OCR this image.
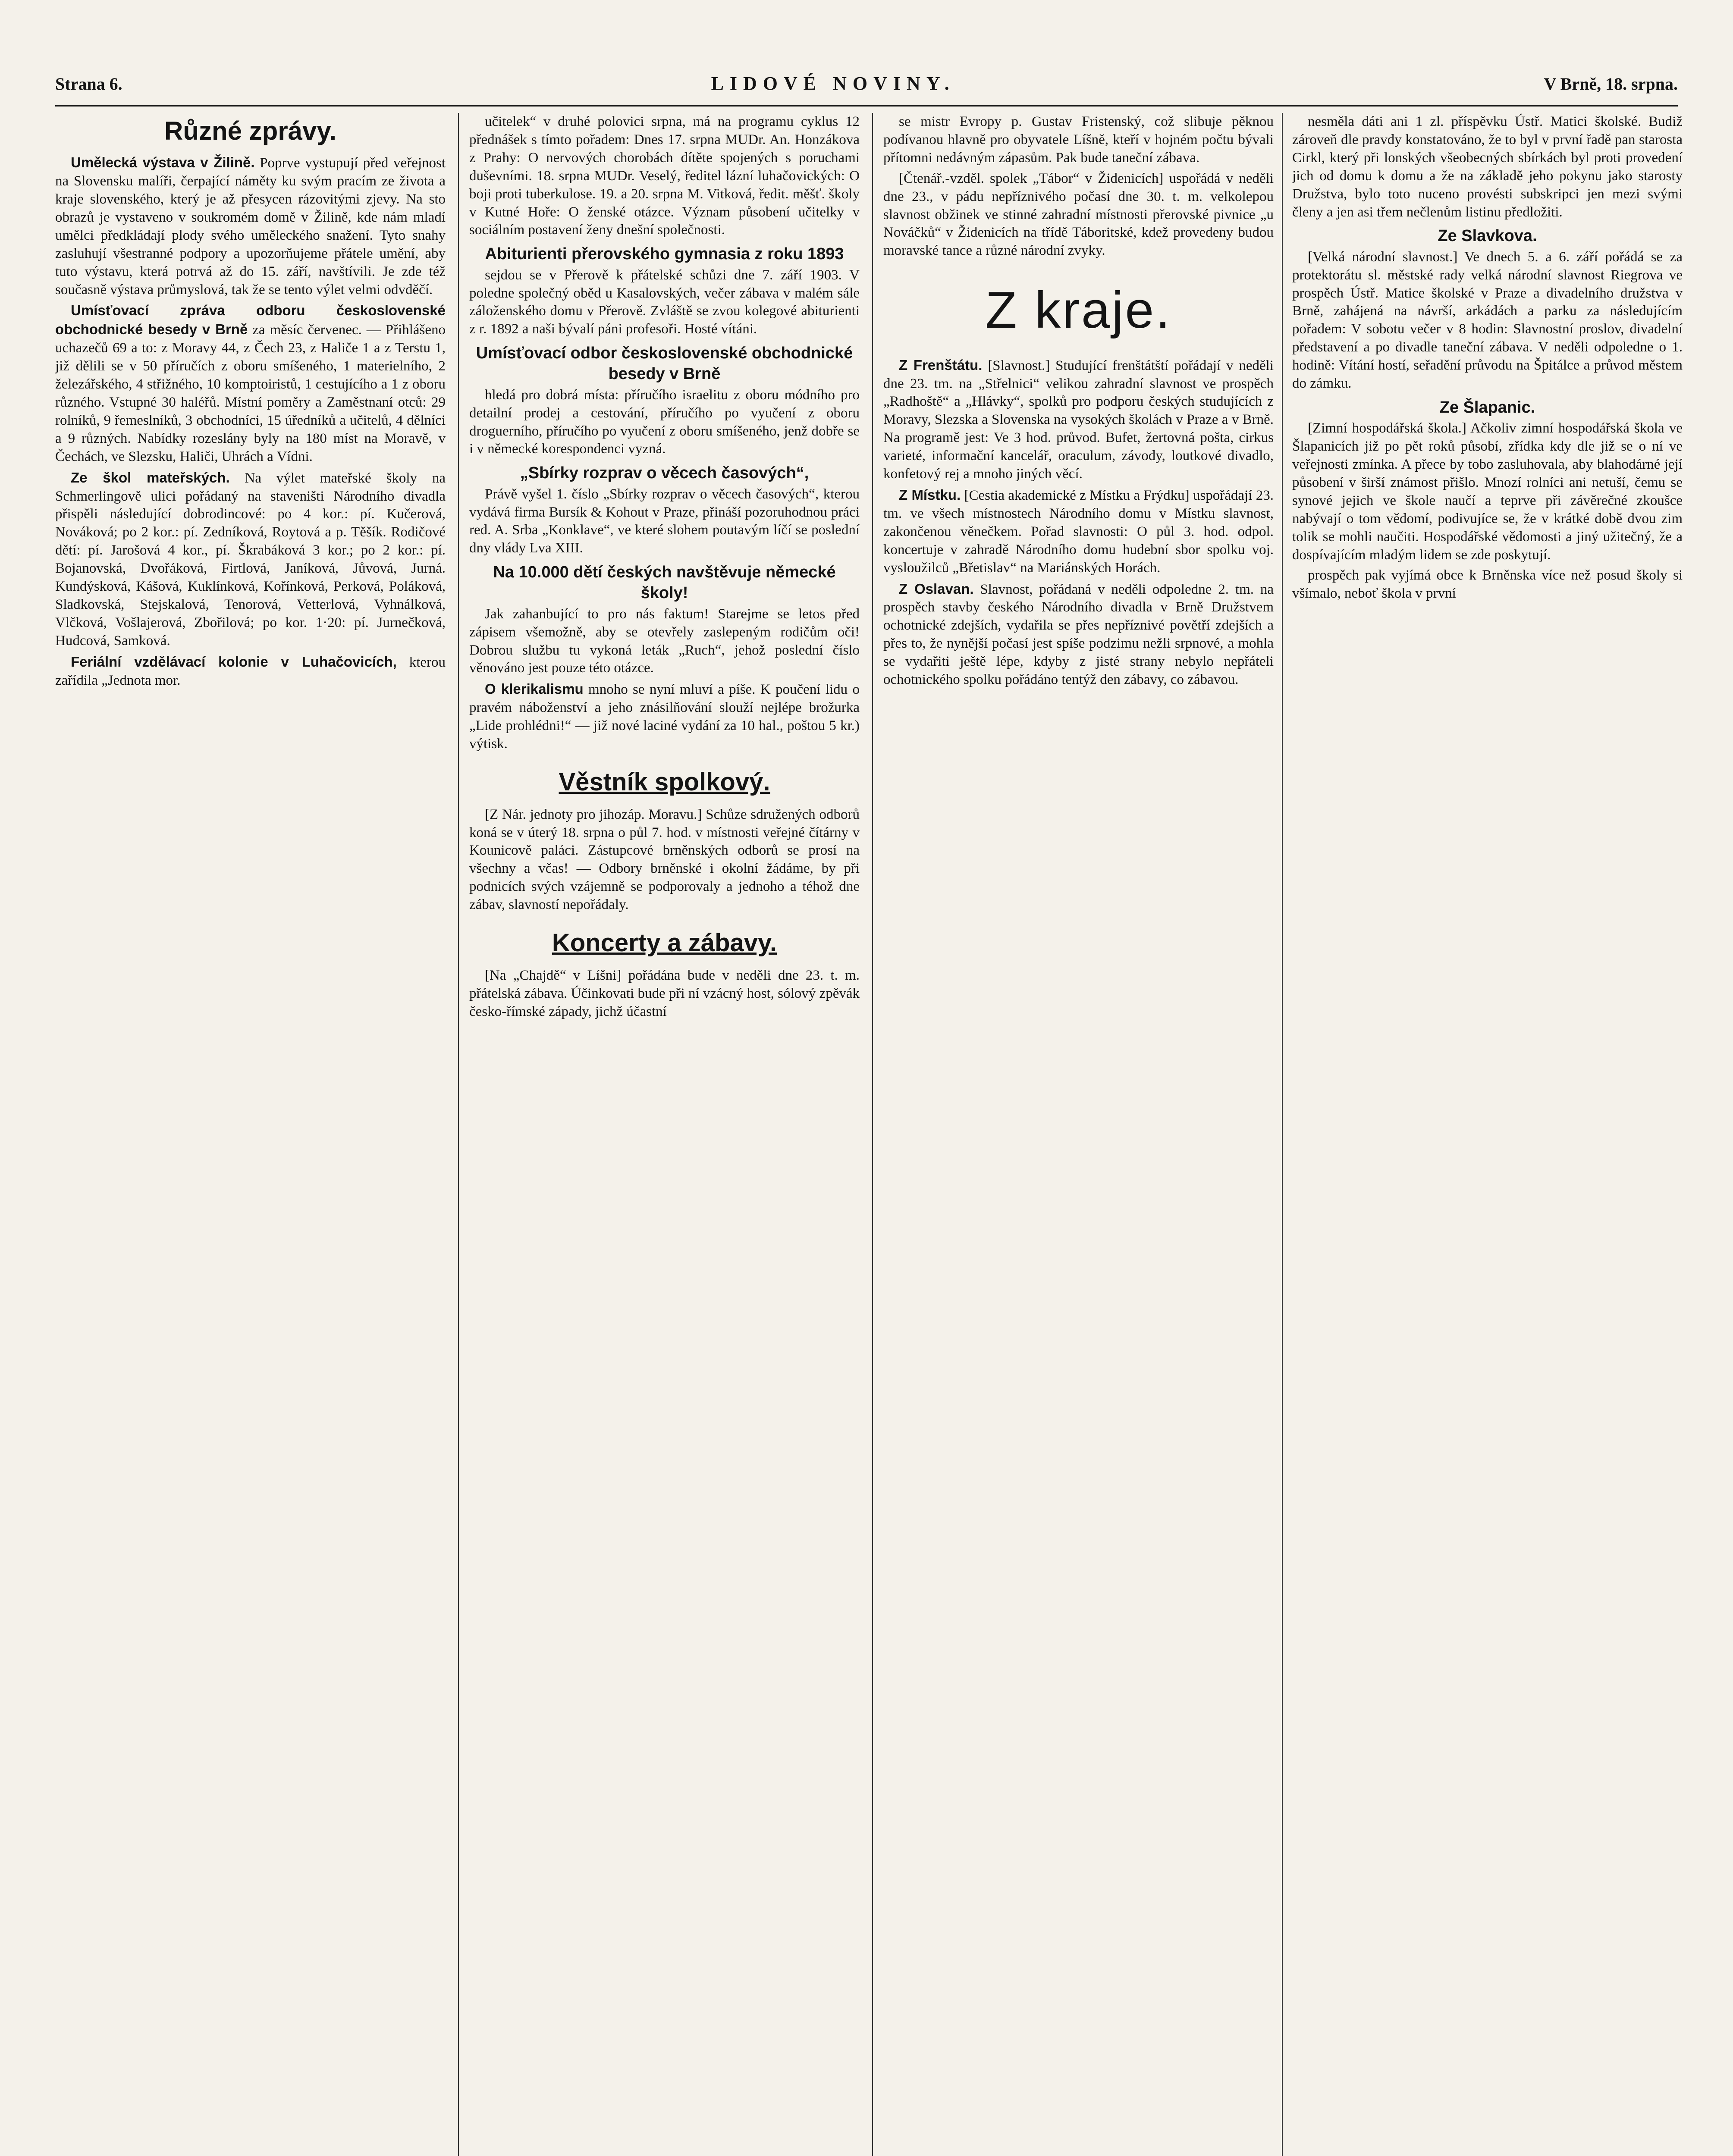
Strana 6.	LIDOVÉ NOVINY.	V Brně, 18. srpna.
Různé zprávy.

Umělecká výstava v Žilině. Poprve vystupují před veřejnost na Slovensku malíři, čerpající náměty ku svým pracím ze života a kraje slovenského, který je až přesycen rázovitými zjevy. Na sto obrazů je vystaveno v soukromém domě v Žilině, kde nám mladí umělci předkládají plody svého uměleckého snažení. Tyto snahy zasluhují všestranné podpory a upozorňujeme přátele umění, aby tuto výstavu, která potrvá až do 15. září, navštívili. Je zde též současně výstava průmyslová, tak že se tento výlet velmi odvděčí.

Umísťovací zpráva odboru československé obchodnické besedy v Brně za měsíc červenec. — Přihlášeno uchazečů 69 a to: z Moravy 44, z Čech 23, z Haliče 1 a z Terstu 1, již dělili se v 50 příručích z oboru smíšeného, 1 materielního, 2 železářského, 4 střižného, 10 komptoiristů, 1 cestujícího a 1 z oboru různého. Vstupné 30 haléřů. Místní poměry a Zaměstnaní otců: 29 rolníků, 9 řemeslníků, 3 obchodníci, 15 úředníků a učitelů, 4 dělníci a 9 různých. Nabídky rozeslány byly na 180 míst na Moravě, v Čechách, ve Slezsku, Haliči, Uhrách a Vídni.

Ze škol mateřských. Na výlet mateřské školy na Schmerlingově ulici pořádaný na staveništi Národního divadla přispěli následující dobrodincové: po 4 kor.: pí. Kučerová, Nováková; po 2 kor.: pí. Zedníková, Roytová a p. Těšík. Rodičové dětí: pí. Jarošová 4 kor., pí. Škrabáková 3 kor.; po 2 kor.: pí. Bojanovská, Dvořáková, Firtlová, Janíková, Jůvová, Jurná. Kundýsková, Kášová, Kuklínková, Kořínková, Perková, Poláková, Sladkovská, Stejskalová, Tenorová, Vetterlová, Vyhnálková, Vlčková, Vošlajerová, Zbořilová; po kor. 1·20: pí. Jurnečková, Hudcová, Samková.

Feriální vzdělávací kolonie v Luhačovicích, kterou zařídila „Jednota mor.

učitelek“ v druhé polovici srpna, má na programu cyklus 12 přednášek s tímto pořadem: Dnes 17. srpna MUDr. An. Honzákova z Prahy: O nervových chorobách dítěte spojených s poruchami duševními. 18. srpna MUDr. Veselý, ředitel lázní luhačovických: O boji proti tuberkulose. 19. a 20. srpna M. Vitková, ředit. měšť. školy v Kutné Hoře: O ženské otázce. Význam působení učitelky v sociálním postavení ženy dnešní společnosti.

Abiturienti přerovského gymnasia z roku 1893

sejdou se v Přerově k přátelské schůzi dne 7. září 1903. V poledne společný oběd u Kasalovských, večer zábava v malém sále záloženského domu v Přerově. Zvláště se zvou kolegové abiturienti z r. 1892 a naši bývalí páni profesoři. Hosté vítáni.

Umísťovací odbor československé obchodnické besedy v Brně

hledá pro dobrá místa: příručího israelitu z oboru módního pro detailní prodej a cestování, příručího po vyučení z oboru droguerního, příručího po vyučení z oboru smíšeného, jenž dobře se i v německé korespondenci vyzná.

„Sbírky rozprav o věcech časových“,

Právě vyšel 1. číslo „Sbírky rozprav o věcech časových“, kterou vydává firma Bursík & Kohout v Praze, přináší pozoruhodnou práci red. A. Srba „Konklave“, ve které slohem poutavým líčí se poslední dny vlády Lva XIII.

Na 10.000 dětí českých navštěvuje německé školy!

Jak zahanbující to pro nás faktum! Starejme se letos před zápisem všemožně, aby se otevřely zaslepeným rodičům oči! Dobrou službu tu vykoná leták „Ruch“, jehož poslední číslo věnováno jest pouze této otázce.

O klerikalismu mnoho se nyní mluví a píše. K poučení lidu o pravém náboženství a jeho znásilňování slouží nejlépe brožurka „Lide prohlédni!“ — již nové laciné vydání za 10 hal., poštou 5 kr.) výtisk.

Věstník spolkový.

[Z Nár. jednoty pro jihozáp. Moravu.] Schůze sdružených odborů koná se v úterý 18. srpna o půl 7. hod. v místnosti veřejné čítárny v Kounicově paláci. Zástupcové brněnských odborů se prosí na všechny a včas! — Odbory brněnské i okolní žádáme, by při podnicích svých vzájemně se podporovaly a jednoho a téhož dne zábav, slavností nepořádaly.

Koncerty a zábavy.

[Na „Chajdě“ v Líšni] pořádána bude v neděli dne 23. t. m. přátelská zábava. Účinkovati bude při ní vzácný host, sólový zpěvák česko-římské západy, jichž účastní

se mistr Evropy p. Gustav Fristenský, což slibuje pěknou podívanou hlavně pro obyvatele Líšně, kteří v hojném počtu bývali přítomni nedávným zápasům. Pak bude taneční zábava.

[Čtenář.-vzděl. spolek „Tábor“ v Židenicích] uspořádá v neděli dne 23., v pádu nepříznivého počasí dne 30. t. m. velkolepou slavnost obžinek ve stinné zahradní místnosti přerovské pivnice „u Nováčků“ v Židenicích na třídě Táboritské, kdež provedeny budou moravské tance a různé národní zvyky.

Z kraje.

Z Frenštátu. [Slavnost.] Studující frenštátští pořádají v neděli dne 23. tm. na „Střelnici“ velikou zahradní slavnost ve prospěch „Radhoště“ a „Hlávky“, spolků pro podporu českých studujících z Moravy, Slezska a Slovenska na vysokých školách v Praze a v Brně. Na programě jest: Ve 3 hod. průvod. Bufet, žertovná pošta, cirkus varieté, informační kancelář, oraculum, závody, loutkové divadlo, konfetový rej a mnoho jiných věcí.

Z Místku. [Cestia akademické z Místku a Frýdku] uspořádají 23. tm. ve všech místnostech Národního domu v Místku slavnost, zakončenou věnečkem. Pořad slavnosti: O půl 3. hod. odpol. koncertuje v zahradě Národního domu hudební sbor spolku voj. vysloužilců „Břetislav“ na Mariánských Horách.

Z Oslavan. Slavnost, pořádaná v neděli odpoledne 2. tm. na prospěch stavby českého Národního divadla v Brně Družstvem ochotnické zdejších, vydařila se přes nepříznivé povětří zdejších a přes to, že nynější počasí jest spíše podzimu nežli srpnové, a mohla se vydařiti ještě lépe, kdyby z jisté strany nebylo nepřáteli ochotnického spolku pořádáno tentýž den zábavy, co zábavou.

nesměla dáti ani 1 zl. příspěvku Ústř. Matici školské. Budiž zároveň dle pravdy konstatováno, že to byl v první řadě pan starosta Cirkl, který při lonských všeobecných sbírkách byl proti provedení jich od domu k domu a že na základě jeho pokynu jako starosty Družstva, bylo toto nuceno provésti subskripci jen mezi svými členy a jen asi třem nečlenům listinu předložiti.

Ze Slavkova.

[Velká národní slavnost.] Ve dnech 5. a 6. září pořádá se za protektorátu sl. městské rady velká národní slavnost Riegrova ve prospěch Ústř. Matice školské v Praze a divadelního družstva v Brně, zahájená na návrší, arkádách a parku za následujícím pořadem: V sobotu večer v 8 hodin: Slavnostní proslov, divadelní představení a po divadle taneční zábava. V neděli odpoledne o 1. hodině: Vítání hostí, seřadění průvodu na Špitálce a průvod městem do zámku.

Ze Šlapanic.

[Zimní hospodářská škola.] Ačkoliv zimní hospodářská škola ve Šlapanicích již po pět roků působí, zřídka kdy dle již se o ní ve veřejnosti zmínka. A přece by tobo zasluhovala, aby blahodárné její působení v širší známost přišlo. Mnozí rolníci ani netuší, čemu se synové jejich ve škole naučí a teprve při závěrečné zkoušce nabývají o tom vědomí, podivujíce se, že v krátké době dvou zim tolik se mohli naučiti. Hospodářské vědomosti a jiný užitečný, že a dospívajícím mladým lidem se zde poskytují.

prospěch pak vyjímá obce k Brněnska více než posud školy si všímalo, neboť škola v první
